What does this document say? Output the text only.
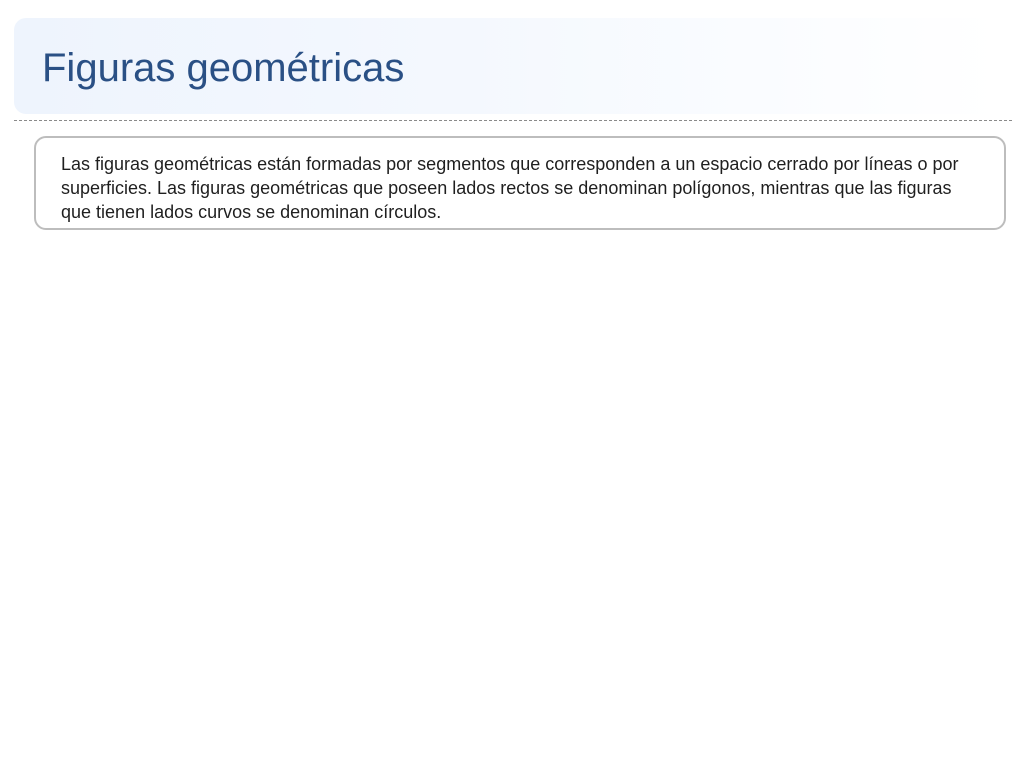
Figuras geométricas

Las figuras geométricas están formadas por segmentos que corresponden a un espacio cerrado por líneas o por superficies. Las figuras geométricas que poseen lados rectos se denominan polígonos, mientras que las figuras que tienen lados curvos se denominan círculos.
